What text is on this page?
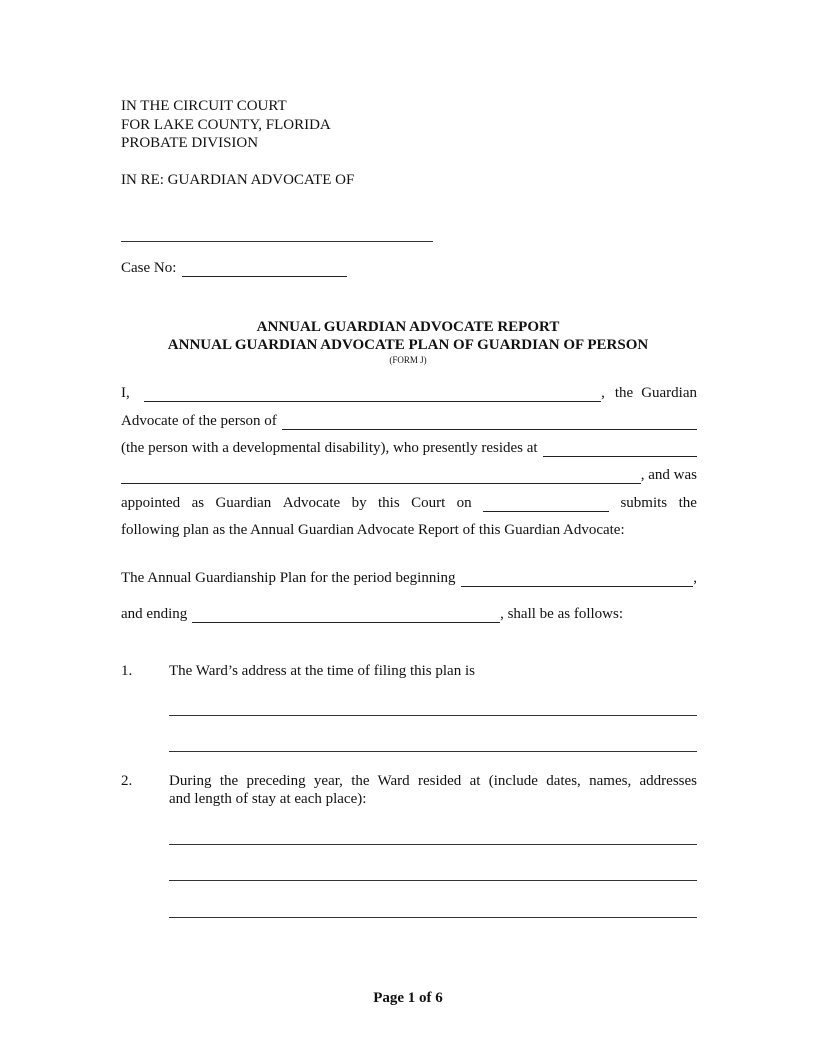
IN THE CIRCUIT COURT
FOR LAKE COUNTY, FLORIDA
PROBATE DIVISION
IN RE: GUARDIAN ADVOCATE OF
Case No:
ANNUAL GUARDIAN ADVOCATE REPORT
ANNUAL GUARDIAN ADVOCATE PLAN OF GUARDIAN OF PERSON
(FORM J)
I,	, the Guardian
Advocate of the person of
(the person with a developmental disability), who presently resides at
, and was
appointed as Guardian Advocate by this Court on	submits the
following plan as the Annual Guardian Advocate Report of this Guardian Advocate:
The Annual Guardianship Plan for the period beginning	,
and ending	, shall be as follows:
1. The Ward’s address at the time of filing this plan is
2. During the preceding year, the Ward resided at (include dates, names, addresses
and length of stay at each place):
Page 1 of 6
